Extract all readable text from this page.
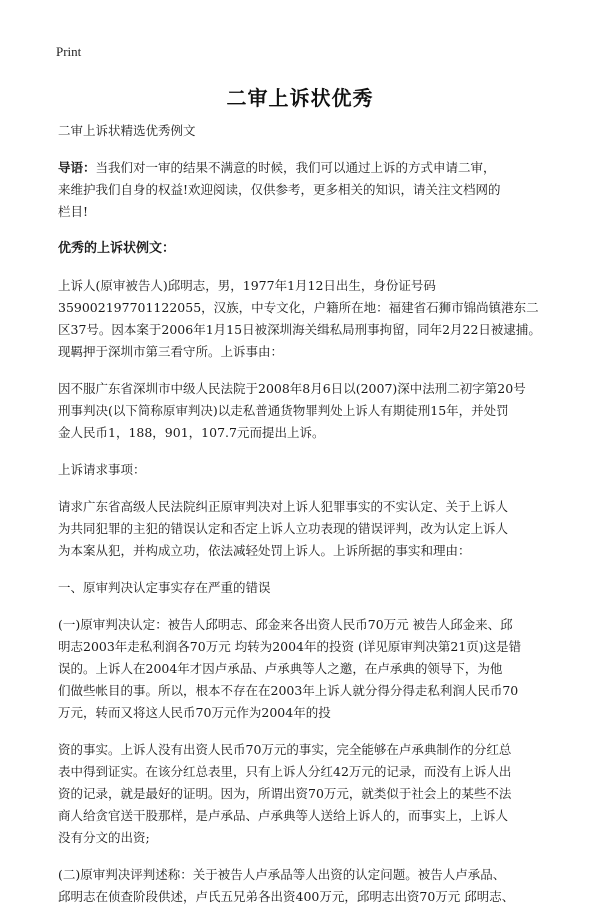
Print
二审上诉状优秀

二审上诉状精选优秀例文

导语：当我们对一审的结果不满意的时候，我们可以通过上诉的方式申请二审，
来维护我们自身的权益!欢迎阅读，仅供参考，更多相关的知识，请关注文档网的
栏目!

优秀的上诉状例文：

上诉人(原审被告人)邱明志，男，1977年1月12日出生，身份证号码
359002197701122055，汉族，中专文化，户籍所在地：福建省石狮市锦尚镇港东二
区37号。因本案于2006年1月15日被深圳海关缉私局刑事拘留，同年2月22日被逮捕。
现羁押于深圳市第三看守所。上诉事由：

因不服广东省深圳市中级人民法院于2008年8月6日以(2007)深中法刑二初字第20号
刑事判决(以下简称原审判决)以走私普通货物罪判处上诉人有期徒刑15年，并处罚
金人民币1，188，901，107.7元而提出上诉。

上诉请求事项：

请求广东省高级人民法院纠正原审判决对上诉人犯罪事实的不实认定、关于上诉人
为共同犯罪的主犯的错误认定和否定上诉人立功表现的错误评判，改为认定上诉人
为本案从犯，并构成立功，依法减轻处罚上诉人。上诉所据的事实和理由：

一、原审判决认定事实存在严重的错误

(一)原审判决认定：被告人邱明志、邱金来各出资人民币70万元 被告人邱金来、邱
明志2003年走私利润各70万元 均转为2004年的投资 (详见原审判决第21页)这是错
误的。上诉人在2004年才因卢承品、卢承典等人之邀，在卢承典的领导下，为他
们做些帐目的事。所以，根本不存在在2003年上诉人就分得分得走私利润人民币70
万元，转而又将这人民币70万元作为2004年的投

资的事实。上诉人没有出资人民币70万元的事实，完全能够在卢承典制作的分红总
表中得到证实。在该分红总表里，只有上诉人分红42万元的记录，而没有上诉人出
资的记录，就是最好的证明。因为，所谓出资70万元，就类似于社会上的某些不法
商人给贪官送干股那样，是卢承品、卢承典等人送给上诉人的，而事实上，上诉人
没有分文的出资;

(二)原审判决评判述称：关于被告人卢承品等人出资的认定问题。被告人卢承品、
邱明志在侦查阶段供述，卢氏五兄弟各出资400万元，邱明志出资70万元 邱明志、
